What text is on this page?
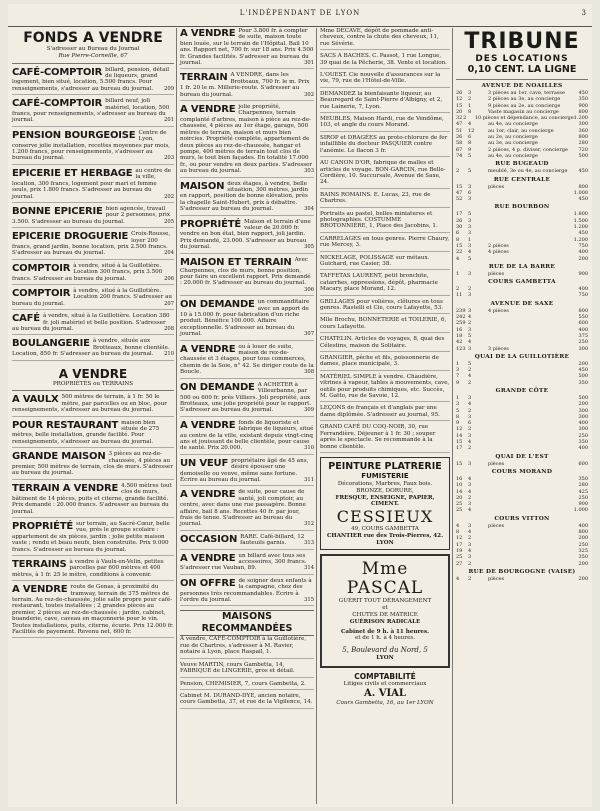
L'INDÉPENDANT DE LYON	3
FONDS A VENDRE
S'adresser au Bureau du Journal
Rue Pierre-Corneille, 67
CAFÉ-COMPTOIR billard, pension, détail de liqueurs, grand logement, bien situé, location, 5.500 francs. Pour renseignements, s'adresser au bureau du journal. 209
CAFÉ-COMPTOIR billard neuf, joli matériel, location, 500 francs, pour renseignements, s'adresser au bureau du journal.	201
PENSION BOURGEOISE Centre de Lyon, conserve jolie installation, recettes moyennes par mois, 1.200 francs, pour renseignements, s'adresser au bureau du journal.	203
EPICERIE ET HERBAGE au centre de la ville, location, 300 francs, logement pour mari et femme seuls, prix 1.800 francs. S'adresser au bureau du journal.	202
BONNE EPICERIE bien agencée, travail pour 2 personnes, prix 3.500. S'adresser au bureau du journal.	205
EPICERIE DROGUERIE Croix-Rousse, loyer 200 francs, grand jardin, bonne location, prix 2.500 francs. S'adresser au bureau du journal.	204
COMPTOIR à vendre, situé à la Guillotière. Location 300 francs, prix 3.500 francs. S'adresser au bureau du journal.	206
COMPTOIR à vendre, situé à la Guillotière. Location 200 francs. S'adresser au bureau du journal.	207
CAFÉ à vendre, situé à la Guillotière. Location 380 fr. joli matériel et belle position. S'adresser au bureau du journal.	208
BOULANGERIE à vendre, située aux Brotteaux, bonne clientèle. Location, 850 fr. S'adresser au bureau du journal. 210
A VENDRE
PROPRIÉTÉS ou TERRAINS
A VAULX 500 mètres de terrain, à 1 fr. 50 le mètre, par parcelles ou en bloc, pour renseignements, s'adresser au bureau du journal.
POUR RESTAURANT maison bien située de 275 mètres, belle installation, grande facilité. Pour renseignements, s'adresser au bureau du journal.
GRANDE MAISON 3 pièces au rez-de-chaussée, 4 pièces au premier, 500 mètres de terrain, clos de murs. S'adresser au bureau du journal.
TERRAIN A VENDRE 4.500 mètres tout clos de murs, bâtiment de 14 pièces, puits et citerne, grande facilité. Prix demandé : 20.000 francs. S'adresser au bureau du journal.
PROPRIÉTÉ sur terrain, au Sacré-Cœur, belle vue, près le groupe scolaire : appartement de six pièces, jardin ; jolie petite maison vaste ; rendu et beau neufs, bien construite. Prix 9.000 francs. S'adresser au bureau du journal.
TERRAINS à vendre à Vaulx-en-Velin, petites parcelles par 600 mètres et 400 mètres, à 1 fr. 25 le mètre, conditions à convenir.
A VENDRE route de Genas, à proximité du tramway, terrain de 375 mètres de terrain. Au rez-de-chaussée, jolie salle propre pour café-restaurant, toutes installées ; 2 grandes pièces au premier, 2 pièces au rez-de-chaussée ; jardin, cabinet, buanderie, cave, caveau en maçonnerie pour le vin. Toutes installations, puits, citerne, écurie. Prix 12.000 fr. Facilités de payement. Revenu net, 600 fr.
A VENDRE Pour 3.800 fr. à compter de suite, maison toute bien louée, sur le terrain de l'Hôpital. Bail 10 ans. Rapport net, 700 fr. sur 18 ans. Prix 4.500 fr. Grandes facilités. S'adresser au bureau du journal.	301
TERRAIN A VENDRE, dans les Brotteaux, 700 fr. le m. Prix 1 fr. 20 le m. Millerie-route. S'adresser au bureau du journal.	302
A VENDRE jolie propriété, Charpennes, terrain complanté d'arbres, maison à pièce au rez-de-chaussée, 4 pièces au 1er étage, garage, 500 mètres de terrain, maison et murs bien noircies. Propriété complète, appartement de deux pièces au rez-de-chaussée, hangar et pompe, 400 mètres de terrain tout clos de murs, le tout bien façades. En totalité 17.000 fr., ou pour vendre en deux parties. S'adresser au bureau du journal.	303
MAISON deux étages, à vendre, belle situation, 300 mètres, jardin en rapport, position de bonne élévation, près la chapelle Saint-Hubert, prix à débattre. S'adresser au bureau du journal.	304
PROPRIÉTÉ Maison et terrain d'une valeur de 20.000 fr. vendre en bon état, bien rapport, joli jardin. Prix demandé, 23.000. S'adresser au bureau du journal.	305
MAISON ET TERRAIN Avec Charpennes, clos de murs, bonne position, pour faire un excellent rapport. Prix demandé : 20.000 fr. S'adresser au bureau du journal.
306
ON DEMANDE un commanditaire avec un apport de 10 à 15.000 fr. pour fabrication d'un riche produit. Bénéfice 100.000. Affaire exceptionnelle. S'adresser au bureau du journal.	307
A VENDRE ou à louer de suite, maison de rez-de-chaussée et 3 étages, pour tous commerces, chemin de la Soie, n° 42. Se diriger route de la Boucle.	308
ON DEMANDE A ACHETER à Villeurbanne, par 500 ou 600 fr. près Villiers. Joli propriété, aux Brotteaux, une jolie propriété pour le rapport. S'adresser au bureau du journal.	309
A VENDRE fonds de liquoriste et fabrique de liqueurs, situé au centre de la ville, existant depuis vingt-cinq ans et jouissant de belle clientèle, pour cause de santé. Prix 20.000.	310
UN VEUF propriétaire âgé de 45 ans, désire épouser une demoiselle ou veuve, même sans fortune. Écrire au bureau du journal.	311
A VENDRE de suite, pour cause de santé, joli comptoir, au centre, avec dans une rue passagère. Bonne affaire, bail 8 ans. Recettes 40 fr. par jour, frais de tenue. S'adresser au bureau du journal.	312
OCCASION RARE. Café-billard, 12 fauteuils garnis.	313
A VENDRE un billard avec tous ses accessoires, 300 francs. S'adresser rue Vauban, 89.	314
ON OFFRE de soigner deux enfants à la campagne, chez des personnes très recommandables. Écrire à l'ordre du journal.	315
MAISONS RECOMMANDÉES
A vendre, CAFÉ-COMPTOIR à la Guillotière, rue de Chartres, s'adresser à M. Ravier, notaire à Lyon, place Raspail, 1.
Veuve MARTIN, cours Gambetta, 14, FABRIQUE de LINGERIE, gros et détail.
Pension, CHEMISIER, 7, cours Gambetta, 2.
Cabinet M. DURAND-DYE, ancien notaire, cours Gambetta, 37, et rue de la Vigilence, 14.
Mme DECAVE, dépôt de pommade anti-cheveux, contre la chute des cheveux, 11, rue Sévérie.
SACS A BACHES. C. Passot, 1 rue Longue, 39 quai de la Pêcherie, 38. Vente et location.
L'OUEST. Cie nouvelle d'assurances sur la vie, 79, rue de l'Hôtel-de-Ville.
DEMANDEZ la bienfaisante liqueur, au Beauregard de Saint-Pierre d'Albigny, et 2, rue Lainerie, 7, Lyon.
MEUBLES, Maison Hardi, rue de Vendôme, 103, et angle du cours Morand.
SIROP et DRAGÉES au proto-chlorure de fer infaillible du docteur PASQUIER contre l'anémie. Le flacon 3 fr.
AU CANON D'OR, fabrique de malles et articles de voyage. BON-GARCIN, rue Belle-Cordière, 10. Succursale, Avenue de Saxe, 24.
BAINS ROMAINS. E. Lucas, 23, rue de Chartres.
Portraits au pastel, belles miniatures et photographies. COSTUMME BROTONNIÈRE, 1, Place des Jacobins, 1.
CARRELAGES en tous genres. Pierre Chaury, rue Mercey, 3.
NICKELAGE, POLISSAGE sur métaux. Guichard, rue Casier, 38.
TAFFETAS LAURENT, petit bronchite, catarrhes, oppressions, dépôt, pharmacie Macary, place Morand, 12.
GRILLAGES pour volières, clôtures en tous genres. Rastelli et Cie, cours Lafayette, 53.
Mlle Brochu, BONNETERIE et TOILERIE, 6, cours Lafayette.
CHATELIN. Articles de voyages, 8, quai des Célestins, maison du Solitaire.
GRANGIER, pêche et fils, poissonnerie de dames, place municipale, 3.
MATÉRIEL SIMPLE à vendre. Chaudière, vitrines à vapeur, tables à mouvements, cave, outils pour produits chimiques, etc. Succès, M. Gatto, rue de Savoie, 12.
LEÇONS de français et d'anglais par une dame diplômée. S'adresser au journal, 95.
GRAND CAFÉ DU COQ-NOIR, 30, rue Ferrandière. Déjeuner à 1 fr. 30 ; souper après le spectacle. Se recommande à la bonne clientèle.
PEINTURE PLATRERIE
FUMISTERIE
Décorations, Marbres, Faux bois.
BRONZE, DORURE,
FRESQUE, ENSEIGNE, PAPIER, CIMENT.
CESSIEUX
49, COURS GAMBETTA
CHANTIER rue des Trois-Pierres, 42. LYON
Mme PASCAL
GUÉRIT TOUT DÉRANGEMENT
et
CHUTES DE MATRICE
GUÉRISON RADICALE
Cabinet de 9 h. à 11 heures.
et de 1 h. à 4 heures.
5, Boulevard du Nord, 5
LYON
COMPTABILITÉ
Litiges civils et commerciaux
A. VIAL
Cours Gambetta, 16, au 1er LYON
TRIBUNE
DES LOCATIONS
0,10 CENT. LA LIGNE
AVENUE DE NOAILLES
26	3	3 pièces au 1er, cave, terrasse	450
12	2	2 pièces au 3e, au concierge	350
15	1	9 pièces au 2e, au concierge	900
20	8	Vaste magasin au concierge	800
32 2	10 pièces et dépendance, au concierge 1.200
47	4	au 4e, au concierge	300
51	12	au 1er, clair, au concierge	360
26	6	au 2e, au concierge	800
58	8	au 3e, au concierge	280
67	9	2 pièces, 4 p. diviser, concierge	720
74	5	au 4e, au concierge	500
RUE BUGEAUD
2	5	meublé, 3e ou 4e, au concierge	450
RUE CENTRALE
15	3	pièces	800
47	6	1.000
52	3	450
RUE BOURBON
17	5	1.800
26	3	1.500
30	3	1.200
6	3	450
8	1	1.200
15	3	2 pièces	750
22	4	4 pièces	400
4	5	200
RUE DE LA BARRE
1	3	pièces	900
COURS GAMBETTA
2	2	400
11	3	750
AVENUE DE SAXE
239 3	4 pièces	800
242 4	550
259 2	600
16	3	400
18	5	375
42	4	250
123 3	3 pièces	300
QUAI DE LA GUILLOTIÈRE
1	5	200
3	2	450
7	4	500
9	2	350
GRANDE CÔTE
1	3	500
3	4	200
5	2	300
8	3	300
9	6	400
12	2	300
14	3	250
15	4	350
17	2	400
QUAI DE L'EST
15	3	pièces	600
COURS MORAND
16	4	350
10	3	280
14	4	425
20	2	250
25	3	900
25	4	1.000
COURS VITTON
4	3	pièces	400
8	4	800
12	2	200
17	3	250
19	4	325
25	3	350
27	2	200
RUE DE BOURGOGNE (VAISE)
4	2	pièces	200
